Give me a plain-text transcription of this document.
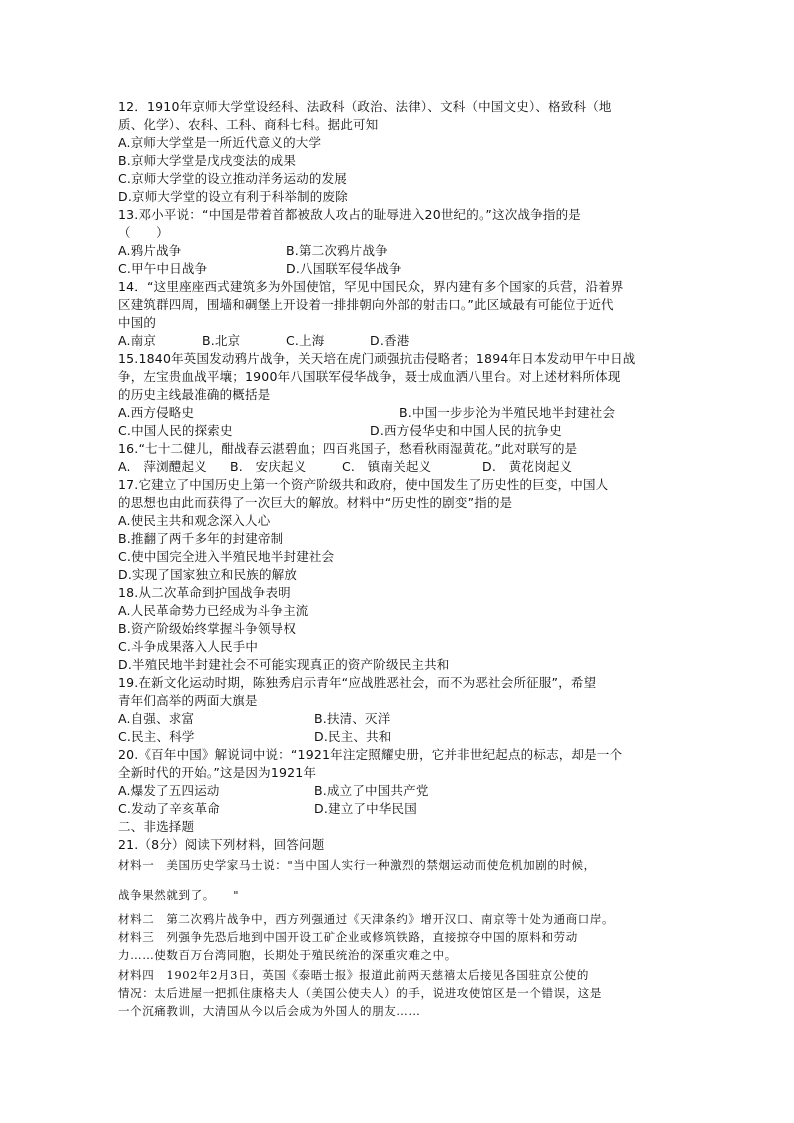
12．1910年京师大学堂设经科、法政科（政治、法律）、文科（中国文史）、格致科（地
质、化学）、农科、工科、商科七科。据此可知
A.京师大学堂是一所近代意义的大学
B.京师大学堂是戊戌变法的成果
C.京师大学堂的设立推动洋务运动的发展
D.京师大学堂的设立有利于科举制的废除
13.邓小平说：“中国是带着首都被敌人攻占的耻辱进入20世纪的。”这次战争指的是
（　　）
A.鸦片战争	B.第二次鸦片战争
C.甲午中日战争	D.八国联军侵华战争
14．“这里座座西式建筑多为外国使馆，罕见中国民众，界内建有多个国家的兵营，沿着界
区建筑群四周，围墙和碉堡上开设着一排排朝向外部的射击口。”此区域最有可能位于近代
中国的
A.南京	B.北京	C.上海	D.香港
15.1840年英国发动鸦片战争，关天培在虎门顽强抗击侵略者；1894年日本发动甲午中日战
争，左宝贵血战平壤；1900年八国联军侵华战争，聂士成血洒八里台。对上述材料所体现
的历史主线最准确的概括是
A.西方侵略史	B.中国一步步沦为半殖民地半封建社会
C.中国人民的探索史	D.西方侵华史和中国人民的抗争史
16.“七十二健儿，酣战春云湛碧血；四百兆国子，愁看秋雨湿黄花。”此对联写的是
A.　萍浏醴起义 B.　安庆起义	C.　镇南关起义	D.　黄花岗起义
17.它建立了中国历史上第一个资产阶级共和政府，使中国发生了历史性的巨变，中国人
的思想也由此而获得了一次巨大的解放。材料中“历史性的剧变”指的是
A.使民主共和观念深入人心
B.推翻了两千多年的封建帝制
C.使中国完全进入半殖民地半封建社会
D.实现了国家独立和民族的解放
18.从二次革命到护国战争表明
A.人民革命势力已经成为斗争主流
B.资产阶级始终掌握斗争领导权
C.斗争成果落入人民手中
D.半殖民地半封建社会不可能实现真正的资产阶级民主共和
19.在新文化运动时期，陈独秀启示青年“应战胜恶社会，而不为恶社会所征服”，希望
青年们高举的两面大旗是
A.自强、求富	B.扶清、灭洋
C.民主、科学	D.民主、共和
20.《百年中国》解说词中说：“1921年注定照耀史册，它并非世纪起点的标志，却是一个
全新时代的开始。”这是因为1921年
A.爆发了五四运动	B.成立了中国共产党
C.发动了辛亥革命	D.建立了中华民国
二、非选择题
21.（8分）阅读下列材料，回答问题
材料一　美国历史学家马士说："当中国人实行一种激烈的禁烟运动而使危机加剧的时候，
战争果然就到了。　　"
材料二　第二次鸦片战争中，西方列强通过《天津条约》增开汉口、南京等十处为通商口岸。
材料三　列强争先恐后地到中国开设工矿企业或修筑铁路，直接掠夺中国的原料和劳动
力……使数百万台湾同胞，长期处于殖民统治的深重灾难之中。
材料四　1902年2月3日，英国《泰晤士报》报道此前两天慈禧太后接见各国驻京公使的
情况：太后进屋一把抓住康格夫人（美国公使夫人）的手，说进攻使馆区是一个错误，这是
一个沉痛教训，大清国从今以后会成为外国人的朋友……
